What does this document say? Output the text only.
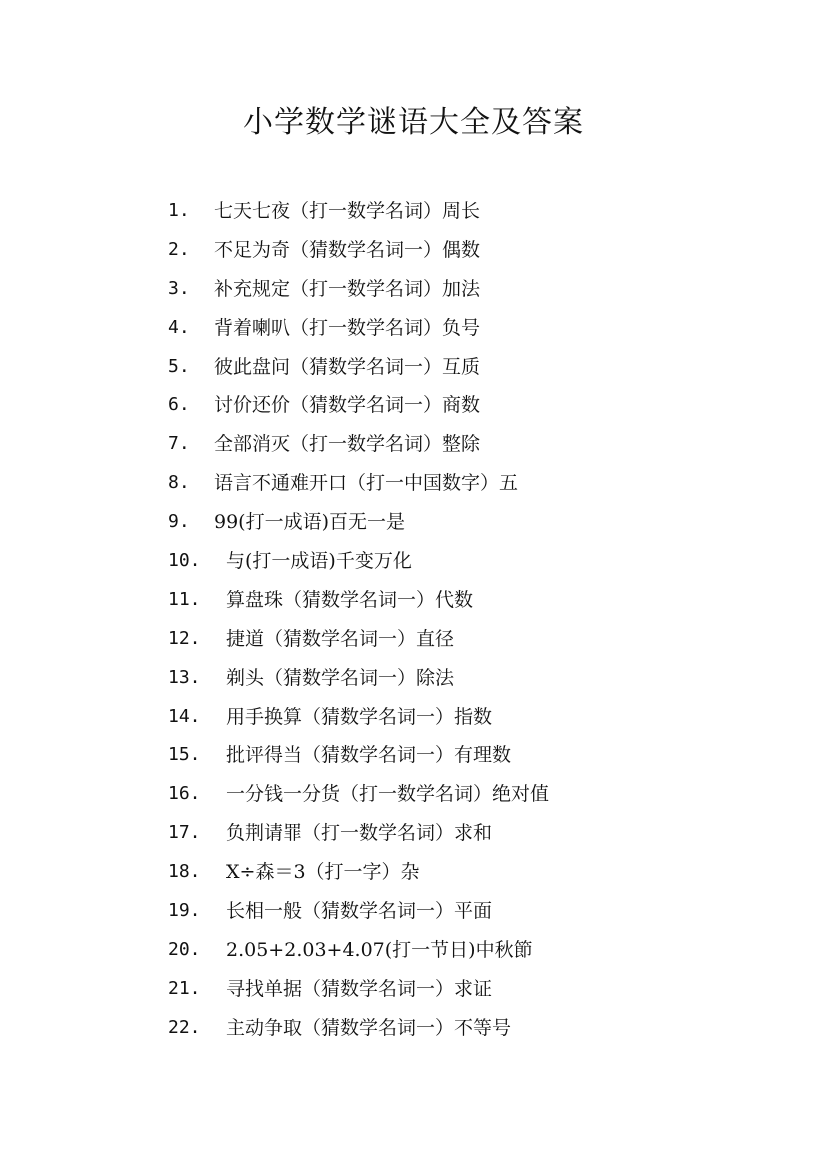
小学数学谜语大全及答案
1.	七天七夜（打一数学名词）周长
2.	不足为奇（猜数学名词一）偶数
3.	补充规定（打一数学名词）加法
4.	背着喇叭（打一数学名词）负号
5.	彼此盘问（猜数学名词一）互质
6.	讨价还价（猜数学名词一）商数
7.	全部消灭（打一数学名词）整除
8.	语言不通难开口（打一中国数字）五
9.	99(打一成语)百无一是
10.	与(打一成语)千变万化
11.	算盘珠（猜数学名词一）代数
12.	捷道（猜数学名词一）直径
13.	剃头（猜数学名词一）除法
14.	用手换算（猜数学名词一）指数
15.	批评得当（猜数学名词一）有理数
16.	一分钱一分货（打一数学名词）绝对值
17.	负荆请罪（打一数学名词）求和
18.	X÷森＝3（打一字）杂
19.	长相一般（猜数学名词一）平面
20.	2.05+2.03+4.07(打一节日)中秋節
21.	寻找单据（猜数学名词一）求证
22.	主动争取（猜数学名词一）不等号
